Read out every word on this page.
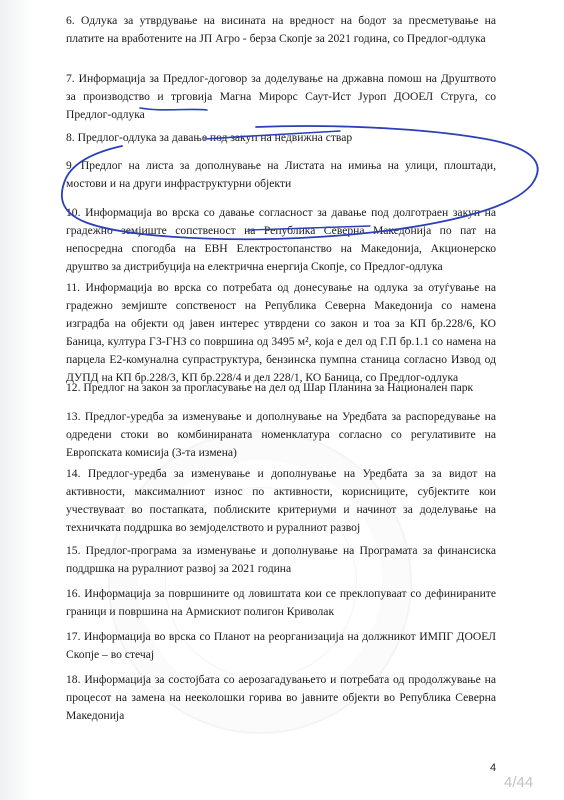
6. Одлука за утврдување на висината на вредност на бодот за пресметување на платите на вработените на ЈП Агро - берза Скопје за 2021 година, со Предлог-одлука

7. Информација за Предлог-договор за доделување на државна помош на Друштвото за производство и трговија Магна Мирорс Саут-Ист Јуроп ДООЕЛ Струга, со Предлог-одлука

8. Предлог-одлука за давање под закуп на недвижна ствар

9. Предлог на листа за дополнување на Листата на имиња на улици, плоштади, мостови и на други инфраструктурни објекти

10. Информација во врска со давање согласност за давање под долготраен закуп на градежно земјиште сопственост на Република Северна Македонија по пат на непосредна спогодба на ЕВН Електростопанство на Македонија, Акционерско друштво за дистрибуција на електрична енергија Скопје, со Предлог-одлука

11. Информација во врска со потребата од донесување на одлука за отуѓување на градежно земјиште сопственост на Република Северна Македонија со намена изградба на објекти од јавен интерес утврдени со закон и тоа за КП бр.228/6, КО Баница, култура ГЗ-ГНЗ со површина од 3495 м², која е дел од Г.П бр.1.1 со намена на парцела Е2-комунална супраструктура, бензинска пумпна станица согласно Извод од ДУПД на КП бр.228/3, КП бр.228/4 и дел 228/1, КО Баница, со Предлог-одлука

12. Предлог на закон за прогласување на дел од Шар Планина за Национален парк

13. Предлог-уредба за изменување и дополнување на Уредбата за распоредување на одредени стоки во комбинираната номенклатура согласно со регулативите на Европската комисија (3-та измена)

14. Предлог-уредба за изменување и дополнување на Уредбата за за видот на активности, максималниот износ по активности, корисниците, субјектите кои учествуваат во постапката, поблиските критериуми и начинот за доделување на техничката поддршка во земјоделството и руралниот развој

15. Предлог-програма за изменување и дополнување на Програмата за финансиска поддршка на руралниот развој за 2021 година

16. Информација за површините од ловиштата кои се преклопуваат со дефинираните граници и површина на Армискиот полигон Криволак

17. Информација во врска со Планот на реорганизација на должникот ИМПГ ДООЕЛ Скопје – во стечај

18. Информација за состојбата со аерозагадувањето и потребата од продолжување на процесот на замена на нееколошки горива во јавните објекти во Република Северна Македонија

4
4/44
